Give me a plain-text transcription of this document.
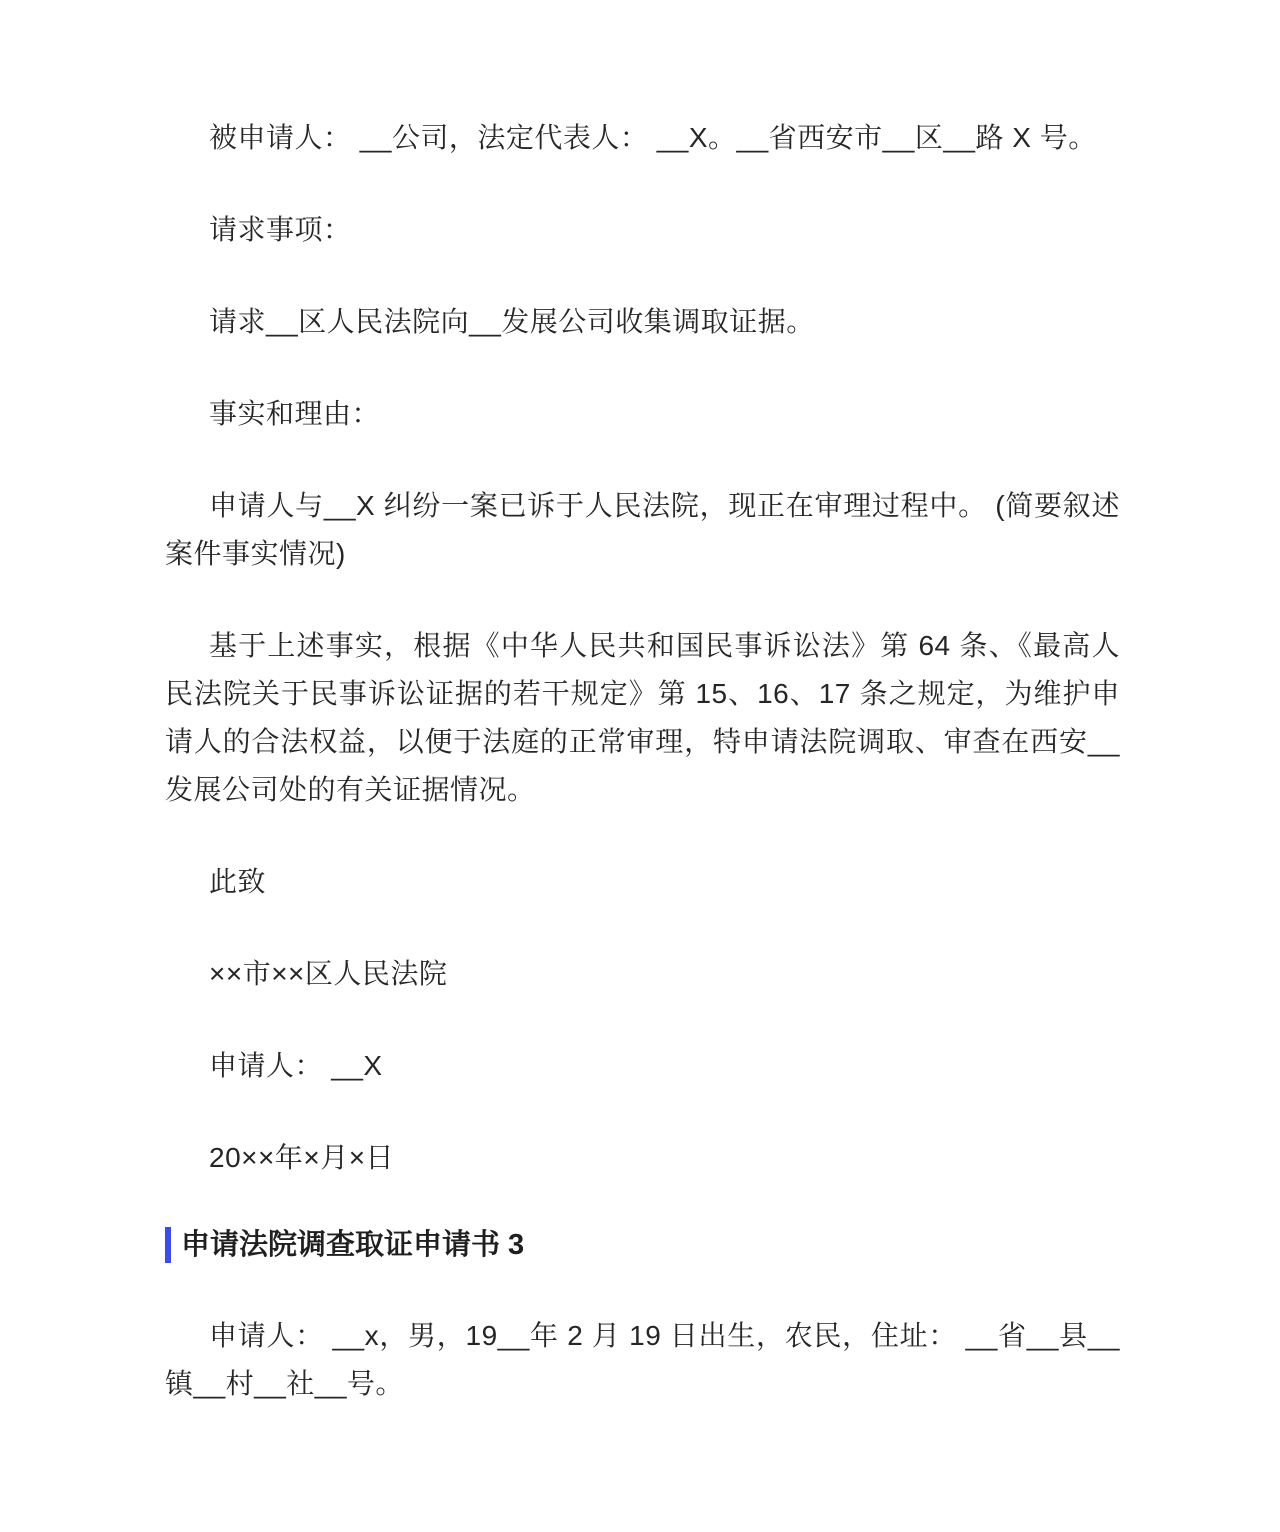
被申请人： __公司，法定代表人： __X。__省西安市__区__路 X 号。

请求事项：

请求__区人民法院向__发展公司收集调取证据。

事实和理由：

申请人与__X 纠纷一案已诉于人民法院，现正在审理过程中。 (简要叙述案件事实情况)

基于上述事实，根据《中华人民共和国民事诉讼法》第 64 条、《最高人民法院关于民事诉讼证据的若干规定》第 15、16、17 条之规定，为维护申请人的合法权益，以便于法庭的正常审理，特申请法院调取、审查在西安__发展公司处的有关证据情况。

此致

××市××区人民法院

申请人： __X

20××年×月×日

申请法院调查取证申请书 3

申请人： __x，男，19__年 2 月 19 日出生，农民，住址： __省__县__镇__村__社__号。
